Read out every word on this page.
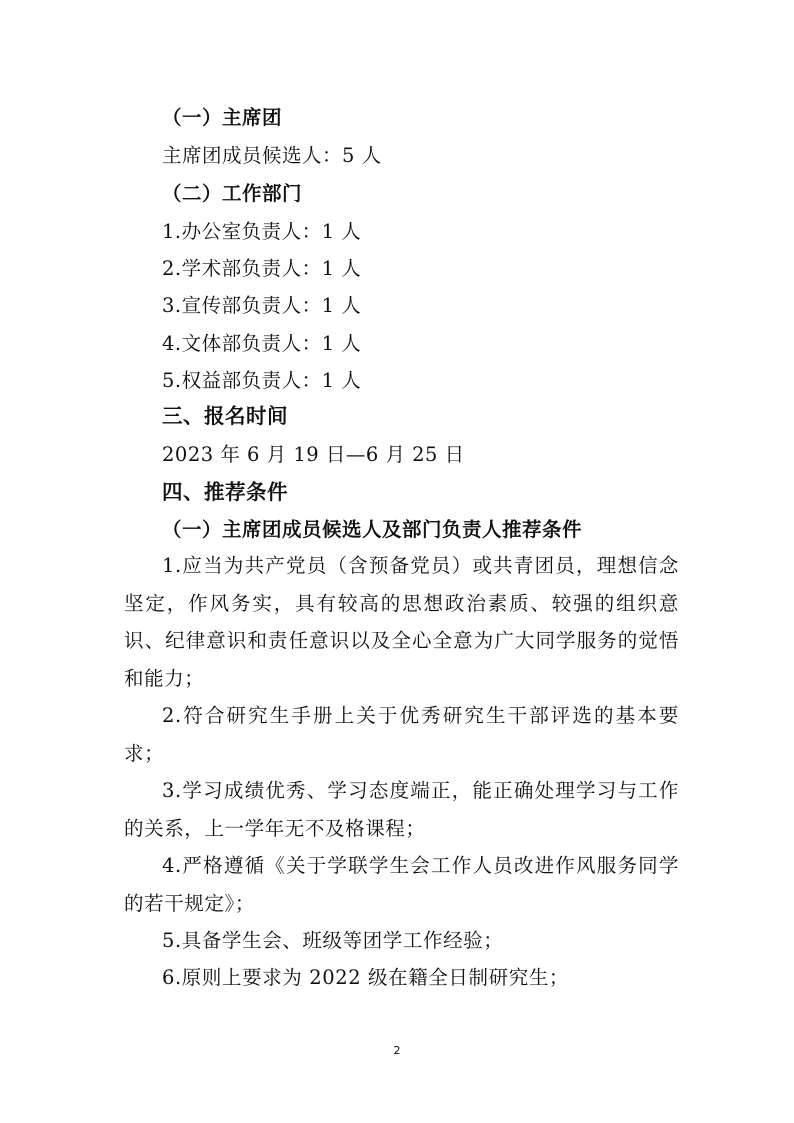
（一）主席团
主席团成员候选人：5 人
（二）工作部门
1.办公室负责人：1 人
2.学术部负责人：1 人
3.宣传部负责人：1 人
4.文体部负责人：1 人
5.权益部负责人：1 人
三、报名时间
2023 年 6 月 19 日—6 月 25 日
四、推荐条件
（一）主席团成员候选人及部门负责人推荐条件
1.应当为共产党员（含预备党员）或共青团员，理想信念坚定，作风务实，具有较高的思想政治素质、较强的组织意识、纪律意识和责任意识以及全心全意为广大同学服务的觉悟和能力；
2.符合研究生手册上关于优秀研究生干部评选的基本要求；
3.学习成绩优秀、学习态度端正，能正确处理学习与工作的关系，上一学年无不及格课程；
4.严格遵循《关于学联学生会工作人员改进作风服务同学的若干规定》；
5.具备学生会、班级等团学工作经验；
6.原则上要求为 2022 级在籍全日制研究生；
2
